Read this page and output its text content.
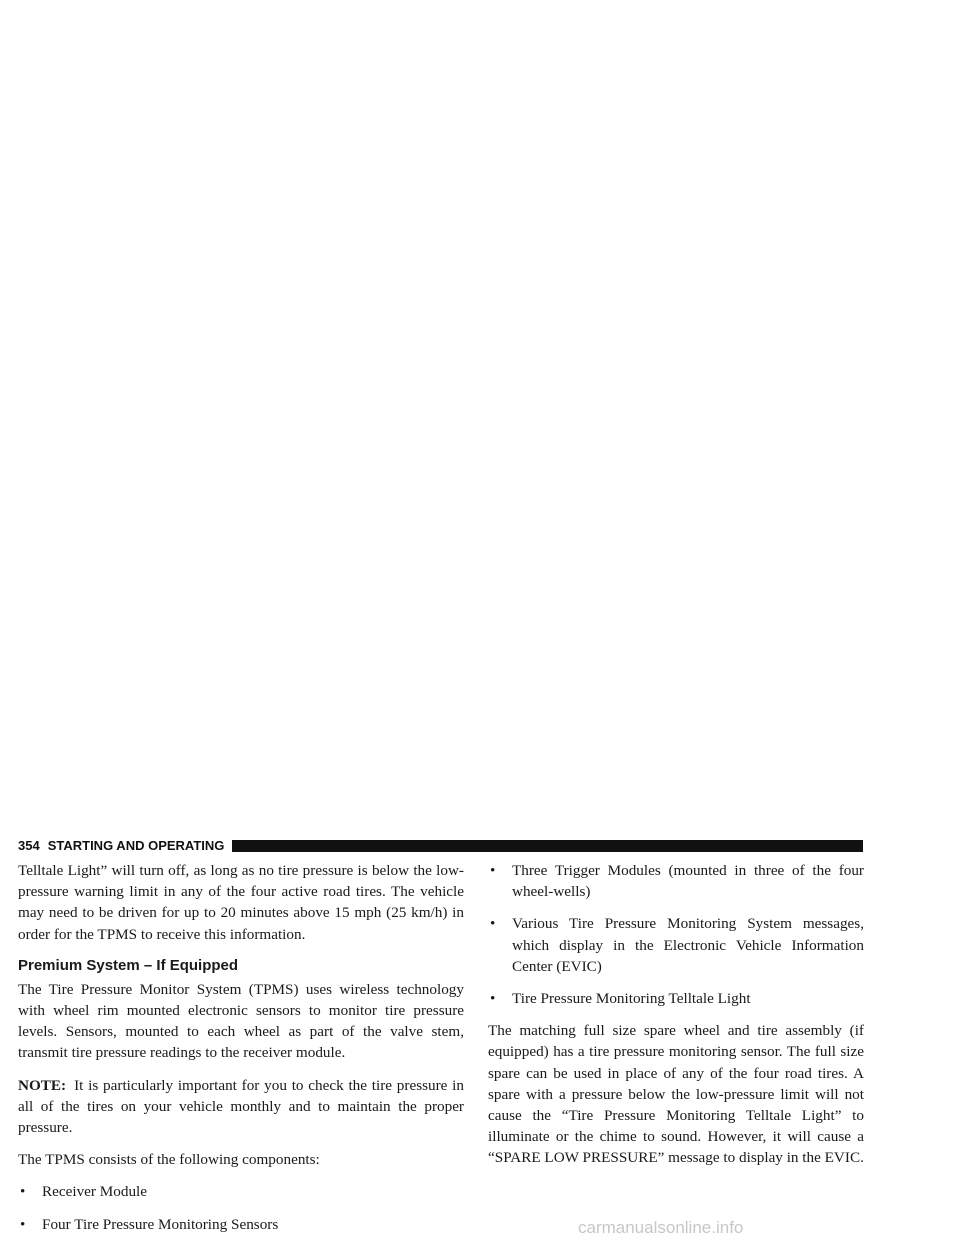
354 STARTING AND OPERATING

Telltale Light” will turn off, as long as no tire pressure is below the low-pressure warning limit in any of the four active road tires. The vehicle may need to be driven for up to 20 minutes above 15 mph (25 km/h) in order for the TPMS to receive this information.

Premium System – If Equipped

The Tire Pressure Monitor System (TPMS) uses wireless technology with wheel rim mounted electronic sensors to monitor tire pressure levels. Sensors, mounted to each wheel as part of the valve stem, transmit tire pressure readings to the receiver module.

NOTE: It is particularly important for you to check the tire pressure in all of the tires on your vehicle monthly and to maintain the proper pressure.

The TPMS consists of the following components:

• Receiver Module
• Four Tire Pressure Monitoring Sensors
• Three Trigger Modules (mounted in three of the four wheel-wells)
• Various Tire Pressure Monitoring System messages, which display in the Electronic Vehicle Information Center (EVIC)
• Tire Pressure Monitoring Telltale Light

The matching full size spare wheel and tire assembly (if equipped) has a tire pressure monitoring sensor. The full size spare can be used in place of any of the four road tires. A spare with a pressure below the low-pressure limit will not cause the “Tire Pressure Monitoring Telltale Light” to illuminate or the chime to sound. However, it will cause a “SPARE LOW PRESSURE” message to display in the EVIC.

carmanualsonline.info
